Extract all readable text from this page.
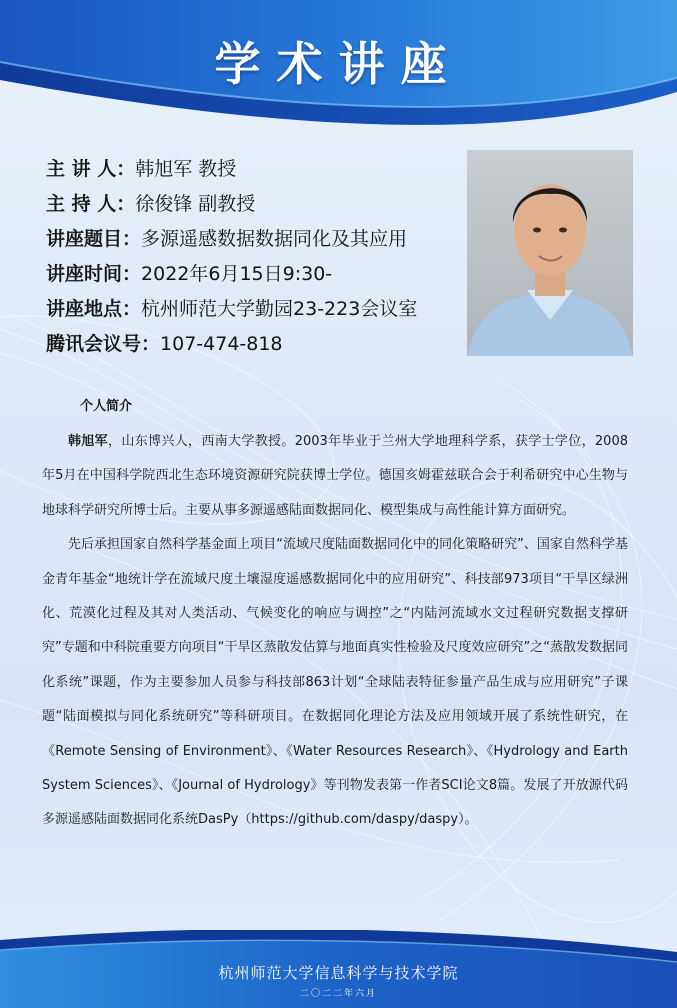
学术讲座
主 讲 人：韩旭军 教授
主 持 人：徐俊锋 副教授
讲座题目：多源遥感数据数据同化及其应用
讲座时间：2022年6月15日9:30-
讲座地点：杭州师范大学勤园23-223会议室
腾讯会议号：107-474-818
个人简介

韩旭军，山东博兴人，西南大学教授。2003年毕业于兰州大学地理科学系，获学士学位，2008年5月在中国科学院西北生态环境资源研究院获博士学位。德国亥姆霍兹联合会于利希研究中心生物与地球科学研究所博士后。主要从事多源遥感陆面数据同化、模型集成与高性能计算方面研究。

先后承担国家自然科学基金面上项目“流域尺度陆面数据同化中的同化策略研究”、国家自然科学基金青年基金“地统计学在流域尺度土壤湿度遥感数据同化中的应用研究”、科技部973项目“干旱区绿洲化、荒漠化过程及其对人类活动、气候变化的响应与调控”之“内陆河流域水文过程研究数据支撑研究”专题和中科院重要方向项目“干旱区蒸散发估算与地面真实性检验及尺度效应研究”之“蒸散发数据同化系统”课题，作为主要参加人员参与科技部863计划“全球陆表特征参量产品生成与应用研究”子课题“陆面模拟与同化系统研究”等科研项目。在数据同化理论方法及应用领域开展了系统性研究，在《Remote Sensing of Environment》、《Water Resources Research》、《Hydrology and Earth System Sciences》、《Journal of Hydrology》等刊物发表第一作者SCI论文8篇。发展了开放源代码多源遥感陆面数据同化系统DasPy（https://github.com/daspy/daspy）。

杭州师范大学信息科学与技术学院
二〇二二年六月
